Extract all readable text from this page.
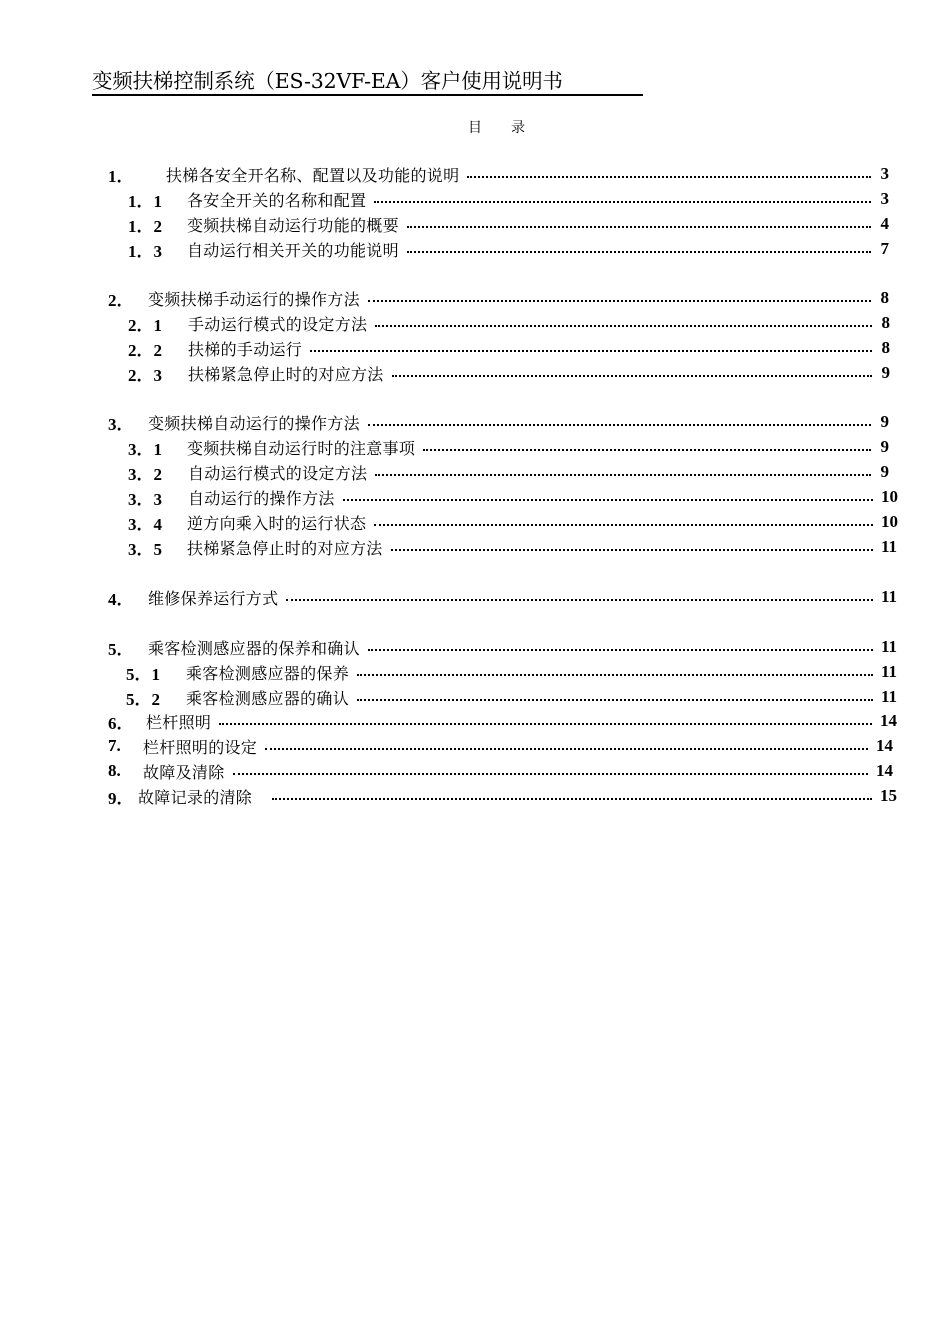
变频扶梯控制系统（ES-32VF-EA）客户使用说明书
目 录
1．	扶梯各安全开名称、配置以及功能的说明	3
1．1	各安全开关的名称和配置	3
1．2	变频扶梯自动运行功能的概要	4
1．3	自动运行相关开关的功能说明	7
2． 变频扶梯手动运行的操作方法	8
2．1	手动运行模式的设定方法	8
2．2	扶梯的手动运行	8
2．3	扶梯紧急停止时的对应方法	9
3． 变频扶梯自动运行的操作方法	9
3．1	变频扶梯自动运行时的注意事项	9
3．2	自动运行模式的设定方法	9
3．3	自动运行的操作方法	10
3．4	逆方向乘入时的运行状态	10
3．5	扶梯紧急停止时的对应方法	11
4． 维修保养运行方式	11
5． 乘客检测感应器的保养和确认	11
5．1	乘客检测感应器的保养	11
5．2	乘客检测感应器的确认	11
6． 栏杆照明	14
7.	栏杆照明的设定	14
8.	故障及清除	14
9． 故障记录的清除	15
